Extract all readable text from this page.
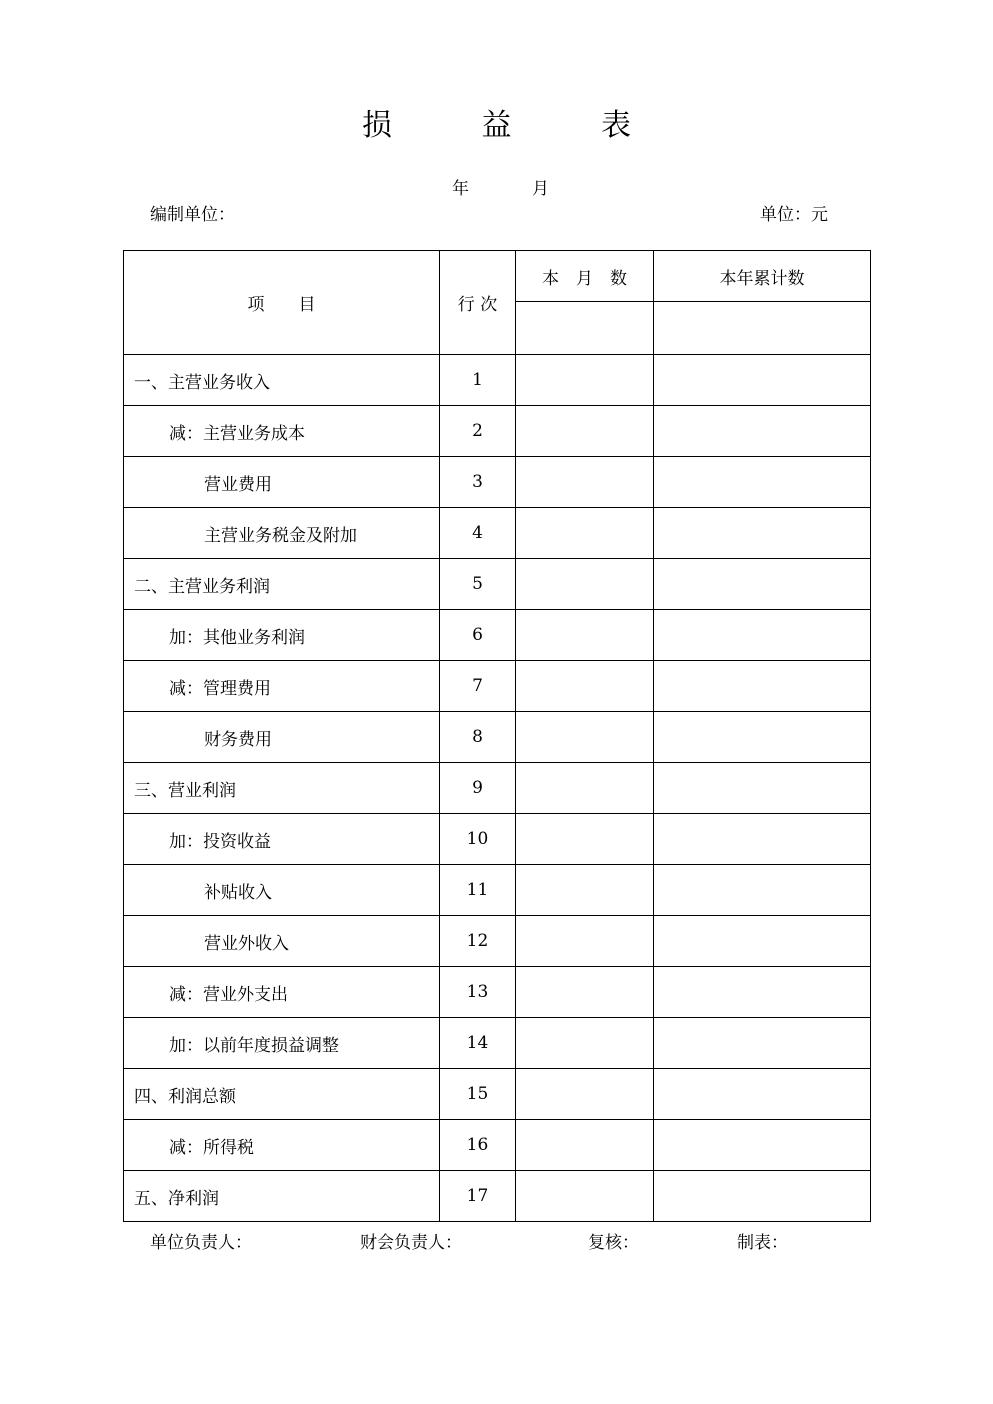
损 益 表
年	月
编制单位：	单位：元
项　　目	行 次	本　月　数	本年累计数

一、主营业务收入	1		
减：主营业务成本	2		
营业费用	3		
主营业务税金及附加	4		
二、主营业务利润	5		
加：其他业务利润	6		
减：管理费用	7		
财务费用	8		
三、营业利润	9		
加：投资收益	10		
补贴收入	11		
营业外收入	12		
减：营业外支出	13		
加：以前年度损益调整	14		
四、利润总额	15		
减：所得税	16		
五、净利润	17		
单位负责人：	财会负责人：	复核：	制表：
